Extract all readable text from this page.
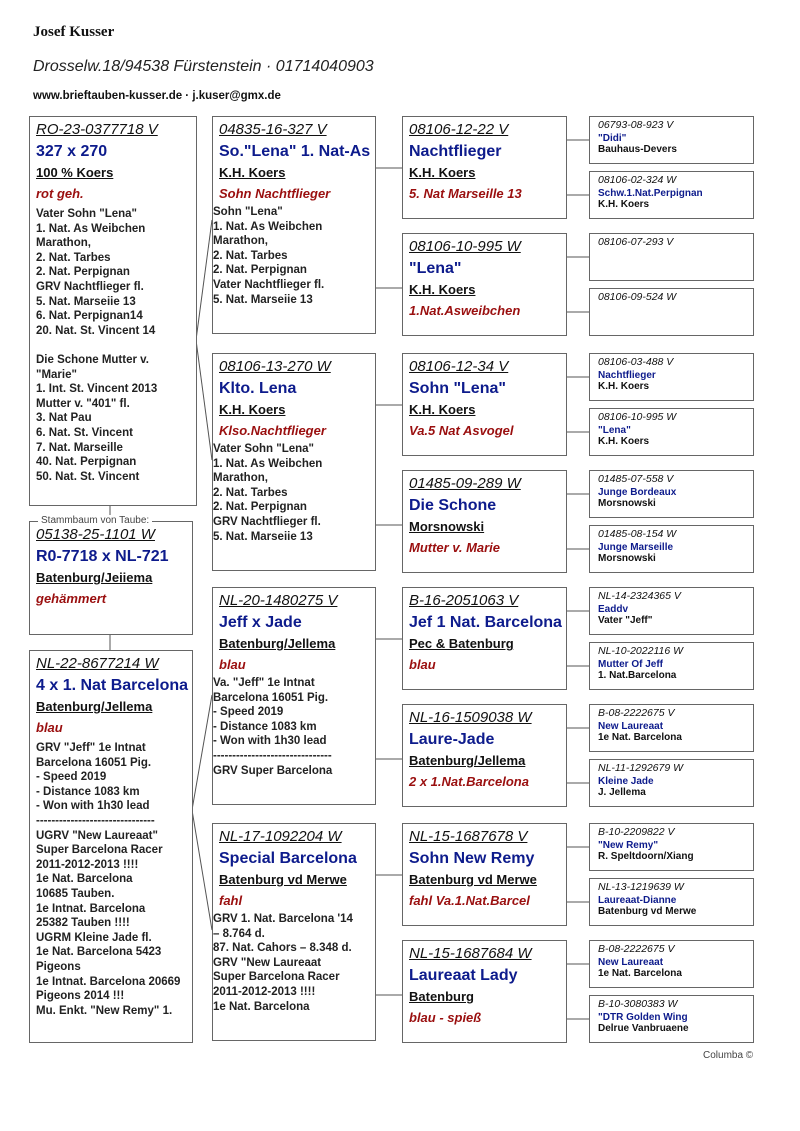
Josef Kusser
Drosselw.18/94538 Fürstenstein · 01714040903
www.brieftauben-kusser.de · j.kuser@gmx.de
RO-23-0377718 V
327 x 270
100 % Koers
rot geh.
Vater Sohn "Lena"
1. Nat. As Weibchen
Marathon,
2. Nat. Tarbes
2. Nat. Perpignan
GRV Nachtflieger fl.
5. Nat. Marseiie 13
6. Nat. Perpignan14
20. Nat. St. Vincent 14

Die Schone Mutter v.
"Marie"
1. Int. St. Vincent 2013
Mutter v. "401" fl.
3. Nat Pau
6. Nat. St. Vincent
7. Nat. Marseille
40. Nat. Perpignan
50. Nat. St. Vincent
05138-25-1101 W
R0-7718 x NL-721
Batenburg/Jeiiema
gehämmert
NL-22-8677214 W
4 x 1. Nat Barcelona
Batenburg/Jellema
blau
GRV "Jeff" 1e Intnat
Barcelona 16051 Pig.
- Speed 2019
- Distance 1083 km
- Won with 1h30 lead
-------------------------------
UGRV "New Laureaat"
Super Barcelona Racer
2011-2012-2013 !!!!
1e Nat. Barcelona
10685 Tauben.
1e Intnat. Barcelona
25382 Tauben !!!!
UGRM Kleine Jade fl.
1e Nat. Barcelona 5423
Pigeons
1e Intnat. Barcelona 20669
Pigeons 2014 !!!
Mu. Enkt. "New Remy" 1.
04835-16-327 V
So."Lena" 1. Nat-As
K.H. Koers
Sohn Nachtflieger
Sohn "Lena"
1. Nat. As Weibchen
Marathon,
2. Nat. Tarbes
2. Nat. Perpignan
Vater Nachtflieger fl.
5. Nat. Marseiie 13
08106-13-270 W
Klto. Lena
K.H. Koers
Klso.Nachtflieger
Vater Sohn "Lena"
1. Nat. As Weibchen
Marathon,
2. Nat. Tarbes
2. Nat. Perpignan
GRV Nachtflieger fl.
5. Nat. Marseiie 13
NL-20-1480275 V
Jeff x Jade
Batenburg/Jellema
blau
Va. "Jeff" 1e Intnat
Barcelona 16051 Pig.
- Speed 2019
- Distance 1083 km
- Won with 1h30 lead
-------------------------------
GRV Super Barcelona
NL-17-1092204 W
Special Barcelona
Batenburg vd Merwe
fahl
GRV 1. Nat. Barcelona '14
– 8.764 d.
87. Nat. Cahors – 8.348 d.
GRV "New Laureaat
Super Barcelona Racer
2011-2012-2013 !!!!
1e Nat. Barcelona
08106-12-22 V
Nachtflieger
K.H. Koers
5. Nat Marseille 13
08106-10-995 W
"Lena"
K.H. Koers
1.Nat.Asweibchen
08106-12-34 V
Sohn "Lena"
K.H. Koers
Va.5 Nat Asvogel
01485-09-289 W
Die Schone
Morsnowski
Mutter v. Marie
B-16-2051063 V
Jef 1 Nat. Barcelona
Pec & Batenburg
blau
NL-16-1509038 W
Laure-Jade
Batenburg/Jellema
2 x 1.Nat.Barcelona
NL-15-1687678 V
Sohn New Remy
Batenburg vd Merwe
fahl Va.1.Nat.Barcel
NL-15-1687684 W
Laureaat Lady
Batenburg
blau - spieß
06793-08-923 V
"Didi"
Bauhaus-Devers
08106-02-324 W
Schw.1.Nat.Perpignan
K.H. Koers
08106-07-293 V
08106-09-524 W
08106-03-488 V
Nachtflieger
K.H. Koers
08106-10-995 W
"Lena"
K.H. Koers
01485-07-558 V
Junge Bordeaux
Morsnowski
01485-08-154 W
Junge Marseille
Morsnowski
NL-14-2324365 V
Eaddv
Vater "Jeff"
NL-10-2022116 W
Mutter Of Jeff
1. Nat.Barcelona
B-08-2222675 V
New Laureaat
1e Nat. Barcelona
NL-11-1292679 W
Kleine Jade
J. Jellema
B-10-2209822 V
"New Remy"
R. Speltdoorn/Xiang
NL-13-1219639 W
Laureaat-Dianne
Batenburg vd Merwe
B-08-2222675 V
New Laureaat
1e Nat. Barcelona
B-10-3080383 W
"DTR Golden Wing
Delrue Vanbruaene
Stammbaum von Taube:
Columba ©
